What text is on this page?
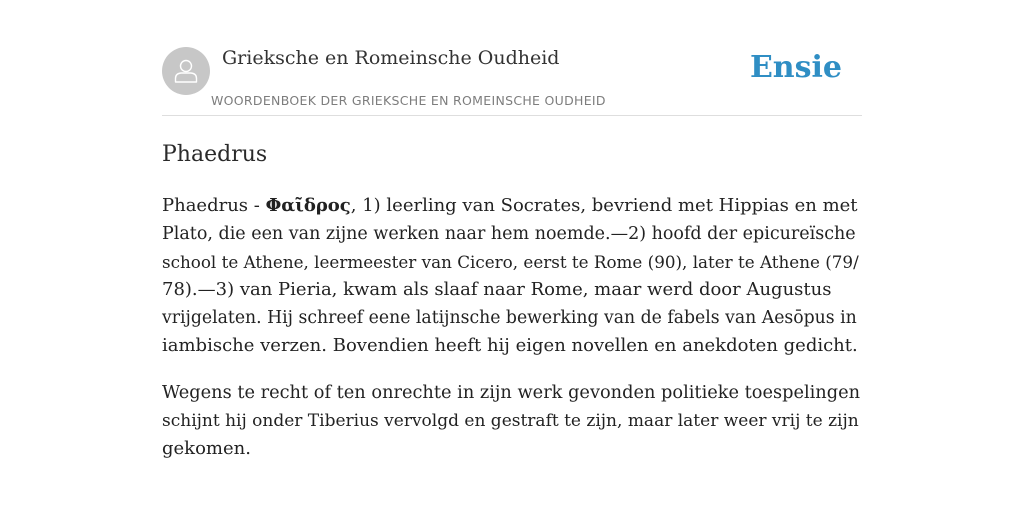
Grieksche en Romeinsche Oudheid
WOORDENBOEK DER GRIEKSCHE EN ROMEINSCHE OUDHEID
Ensie
Phaedrus

Phaedrus - Φαῖδρος, 1) leerling van Socrates, bevriend met Hippias en met
Plato, die een van zijne werken naar hem noemde.—2) hoofd der epicureïsche
school te Athene, leermeester van Cicero, eerst te Rome (90), later te Athene (79/
78).—3) van Pieria, kwam als slaaf naar Rome, maar werd door Augustus
vrijgelaten. Hij schreef eene latijnsche bewerking van de fabels van Aesōpus in
iambische verzen. Bovendien heeft hij eigen novellen en anekdoten gedicht.

Wegens te recht of ten onrechte in zijn werk gevonden politieke toespelingen
schijnt hij onder Tiberius vervolgd en gestraft te zijn, maar later weer vrij te zijn
gekomen.
